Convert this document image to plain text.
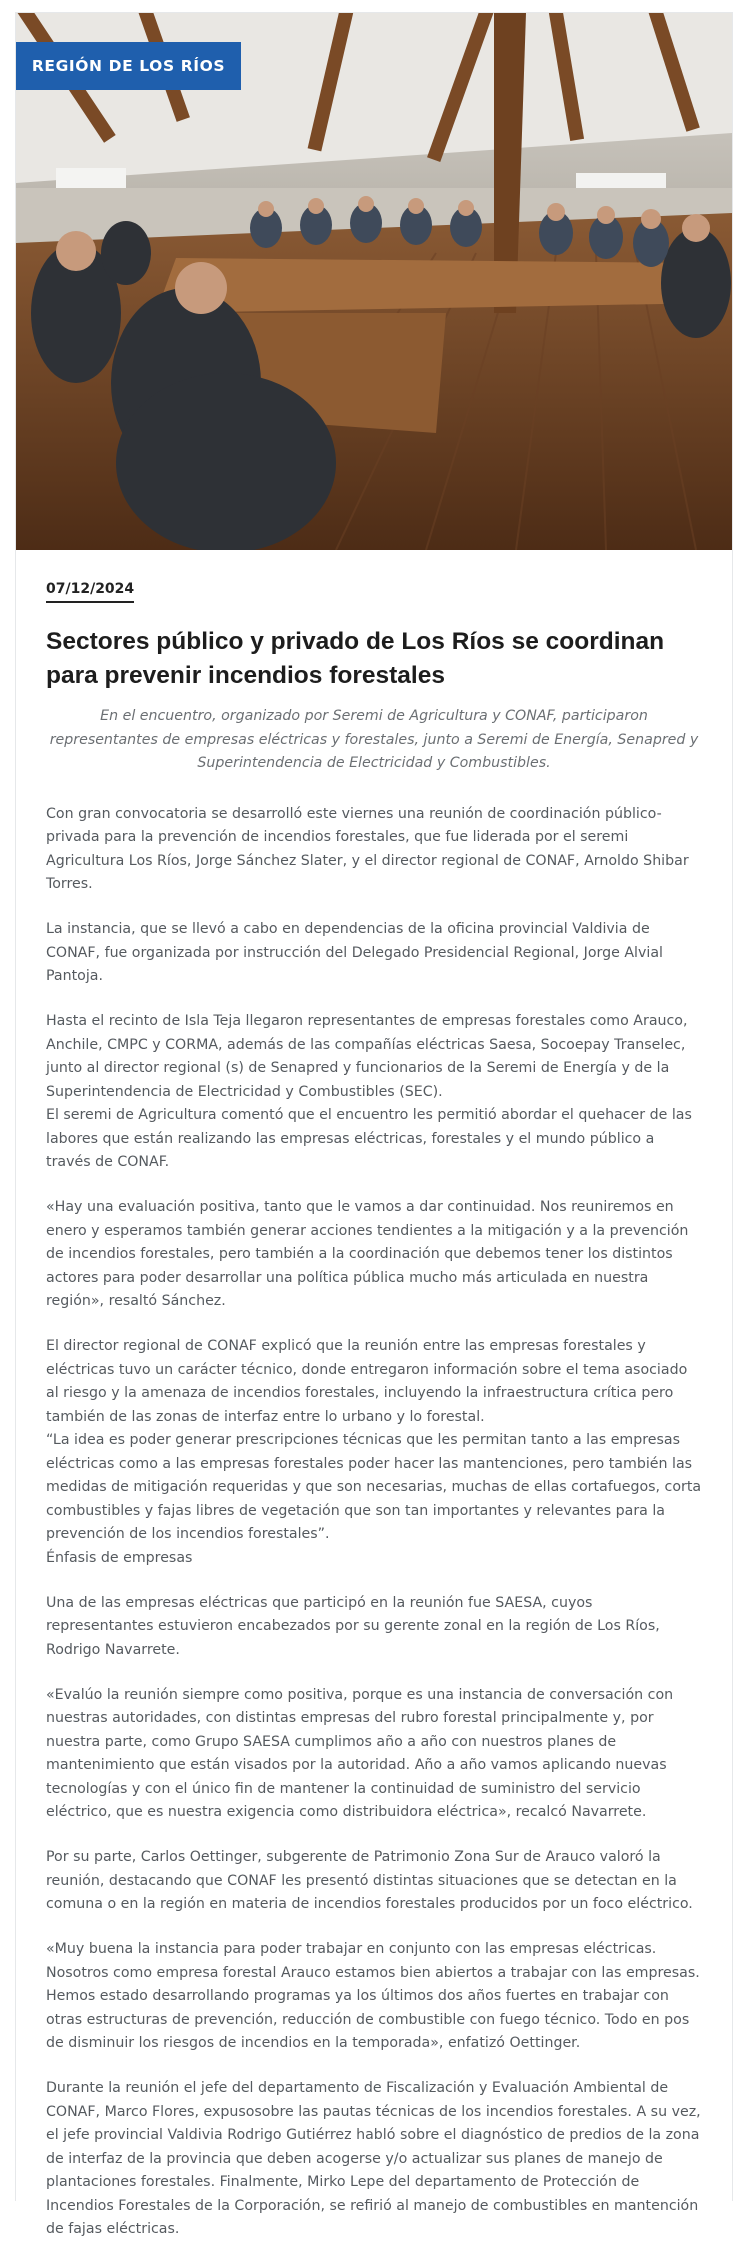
REGIÓN DE LOS RÍOS
07/12/2024
Sectores público y privado de Los Ríos se coordinan para prevenir incendios forestales

En el encuentro, organizado por Seremi de Agricultura y CONAF, participaron representantes de empresas eléctricas y forestales, junto a Seremi de Energía, Senapred y Superintendencia de Electricidad y Combustibles.

Con gran convocatoria se desarrolló este viernes una reunión de coordinación público-privada para la prevención de incendios forestales, que fue liderada por el seremi Agricultura Los Ríos, Jorge Sánchez Slater, y el director regional de CONAF, Arnoldo Shibar Torres.

La instancia, que se llevó a cabo en dependencias de la oficina provincial Valdivia de CONAF, fue organizada por instrucción del Delegado Presidencial Regional, Jorge Alvial Pantoja.

Hasta el recinto de Isla Teja llegaron representantes de empresas forestales como Arauco, Anchile, CMPC y CORMA, además de las compañías eléctricas Saesa, Socoepay Transelec, junto al director regional (s) de Senapred y funcionarios de la Seremi de Energía y de la Superintendencia de Electricidad y Combustibles (SEC).
El seremi de Agricultura comentó que el encuentro les permitió abordar el quehacer de las labores que están realizando las empresas eléctricas, forestales y el mundo público a través de CONAF.

«Hay una evaluación positiva, tanto que le vamos a dar continuidad. Nos reuniremos en enero y esperamos también generar acciones tendientes a la mitigación y a la prevención de incendios forestales, pero también a la coordinación que debemos tener los distintos actores para poder desarrollar una política pública mucho más articulada en nuestra región», resaltó Sánchez.

El director regional de CONAF explicó que la reunión entre las empresas forestales y eléctricas tuvo un carácter técnico, donde entregaron información sobre el tema asociado al riesgo y la amenaza de incendios forestales, incluyendo la infraestructura crítica pero también de las zonas de interfaz entre lo urbano y lo forestal.
“La idea es poder generar prescripciones técnicas que les permitan tanto a las empresas eléctricas como a las empresas forestales poder hacer las mantenciones, pero también las medidas de mitigación requeridas y que son necesarias, muchas de ellas cortafuegos, corta combustibles y fajas libres de vegetación que son tan importantes y relevantes para la prevención de los incendios forestales”.
Énfasis de empresas

Una de las empresas eléctricas que participó en la reunión fue SAESA, cuyos representantes estuvieron encabezados por su gerente zonal en la región de Los Ríos, Rodrigo Navarrete.

«Evalúo la reunión siempre como positiva, porque es una instancia de conversación con nuestras autoridades, con distintas empresas del rubro forestal principalmente y, por nuestra parte, como Grupo SAESA cumplimos año a año con nuestros planes de mantenimiento que están visados por la autoridad. Año a año vamos aplicando nuevas tecnologías y con el único fin de mantener la continuidad de suministro del servicio eléctrico, que es nuestra exigencia como distribuidora eléctrica», recalcó Navarrete.

Por su parte, Carlos Oettinger, subgerente de Patrimonio Zona Sur de Arauco valoró la reunión, destacando que CONAF les presentó distintas situaciones que se detectan en la comuna o en la región en materia de incendios forestales producidos por un foco eléctrico.

«Muy buena la instancia para poder trabajar en conjunto con las empresas eléctricas. Nosotros como empresa forestal Arauco estamos bien abiertos a trabajar con las empresas. Hemos estado desarrollando programas ya los últimos dos años fuertes en trabajar con otras estructuras de prevención, reducción de combustible con fuego técnico. Todo en pos de disminuir los riesgos de incendios en la temporada», enfatizó Oettinger.

Durante la reunión el jefe del departamento de Fiscalización y Evaluación Ambiental de CONAF, Marco Flores, expusosobre las pautas técnicas de los incendios forestales. A su vez, el jefe provincial Valdivia Rodrigo Gutiérrez habló sobre el diagnóstico de predios de la zona de interfaz de la provincia que deben acogerse y/o actualizar sus planes de manejo de plantaciones forestales. Finalmente, Mirko Lepe del departamento de Protección de Incendios Forestales de la Corporación, se refirió al manejo de combustibles en mantención de fajas eléctricas.
